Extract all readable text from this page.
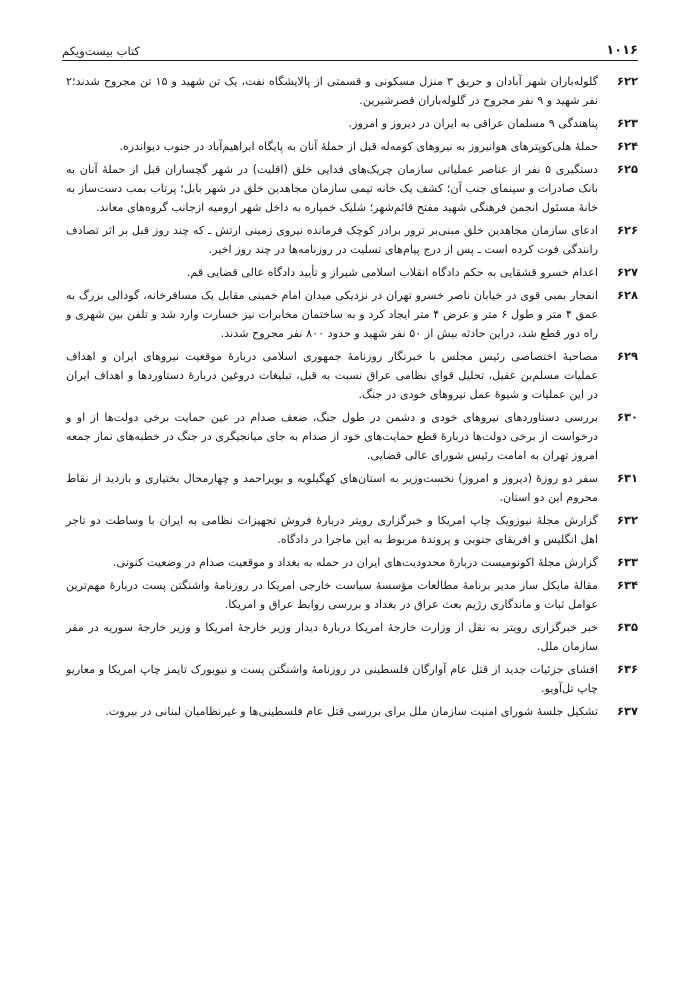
۱۰۱۶
کتاب بیست‌ویکم
۶۲۲
گلوله‌باران شهر آبادان و حریق ۳ منزل مسکونی و قسمتی از پالایشگاه نفت، یک تن شهید و ۱۵ تن مجروح شدند؛۲ نفر شهید و ۹ نفر مجروح در گلوله‌باران قصرشیرین.
۶۲۳
پناهندگی ۹ مسلمان عراقی به ایران در دیروز و امروز.
۶۲۴
حملهٔ هلی‌کوپترهای هوانیروز به نیروهای کومه‌له قبل از حملهٔ آنان به پایگاه ابراهیم‌آباد در جنوب دیواندره.
۶۲۵
دستگیری ۵ نفر از عناصر عملیاتی سازمان چریک‌های فدایی خلق (اقلیت) در شهر گچساران قبل از حملهٔ آنان به بانک صادرات و سینمای جنب آن؛ کشف یک خانه تیمی سازمان مجاهدین خلق در شهر بابل؛ پرتاب بمب دست‌ساز به خانهٔ مسئول انجمن فرهنگی شهید مفتح قائم‌شهر؛ شلیک خمپاره به داخل شهر ارومیه ازجانب گروه‌های معاند.
۶۲۶
ادعای سازمان مجاهدین خلق مبنی‌بر ترور برادر کوچک فرمانده نیروی زمینی ارتش ـ که چند روز قبل بر اثر تصادف رانندگی فوت کرده است ـ پس از درج پیام‌های تسلیت در روزنامه‌ها در چند روز اخیر.
۶۲۷
اعدام خسرو قشقایی به حکم دادگاه انقلاب اسلامی شیراز و تأیید دادگاه عالی قضایی قم.
۶۲۸
انفجار بمبی قوی در خیابان ناصر خسرو تهران در نزدیکی میدان امام خمینی مقابل یک مسافرخانه، گودالی بزرگ به عمق ۴ متر و طول ۶ متر و عرض ۴ متر ایجاد کرد و به ساختمان مخابرات نیز خسارت وارد شد و تلفن بین شهری و راه دور قطع شد، دراین حادثه بیش از ۵۰ نفر شهید و حدود ۸۰۰ نفر مجروح شدند.
۶۲۹
مصاحبهٔ اختصاصی رئیس مجلس با خبرنگار روزنامهٔ جمهوری اسلامی دربارهٔ موقعیت نیروهای ایران و اهداف عملیات مسلم‌بن عقیل، تحلیل قوای نظامی عراق نسبت به قبل، تبلیغات دروغین دربارهٔ دستاوردها و اهداف ایران در این عملیات و شیوهٔ عمل نیروهای خودی در جنگ.
۶۳۰
بررسی دستاوردهای نیروهای خودی و دشمن در طول جنگ، ضعف صدام در عین حمایت برخی دولت‌ها از او و درخواست از برخی دولت‌ها دربارهٔ قطع حمایت‌های خود از صدام به جای میانجیگری در جنگ در خطبه‌های نماز جمعه امروز تهران به امامت رئیس شورای عالی قضایی.
۶۳۱
سفر دو روزهٔ (دیروز و امروز) نخست‌وزیر به استان‌های کهگیلویه و بویراحمد و چهارمحال بختیاری و بازدید از نقاط محروم این دو استان.
۶۳۲
گزارش مجلهٔ نیوزویک چاپ امریکا و خبرگزاری رویتر دربارهٔ فروش تجهیزات نظامی به ایران با وساطت دو تاجر اهل انگلیس و افریقای جنوبی و پروندهٔ مربوط به این ماجرا در دادگاه.
۶۳۳
گزارش مجلهٔ اکونومیست دربارهٔ محدودیت‌های ایران در حمله به بغداد و موقعیت صدام در وضعیت کنونی.
۶۳۴
مقالهٔ مایکل ساز مدیر برنامهٔ مطالعات مؤسسهٔ سیاست خارجی امریکا در روزنامهٔ واشنگتن پست دربارهٔ مهم‌ترین عوامل ثبات و ماندگاری رژیم بعث عراق در بغداد و بررسی روابط عراق و امریکا.
۶۳۵
خبر خبرگزاری رویتر به نقل از وزارت خارجهٔ امریکا دربارهٔ دیدار وزیر خارجهٔ امریکا و وزیر خارجهٔ سوریه در مقر سازمان ملل.
۶۳۶
افشای جزئیات جدید از قتل عام آوارگان فلسطینی در روزنامهٔ واشنگتن پست و نیویورک تایمز چاپ امریکا و معاریو چاپ تل‌آویو.
۶۳۷
تشکیل جلسهٔ شورای امنیت سازمان ملل برای بررسی قتل عام فلسطینی‌ها و غیرنظامیان لبنانی در بیروت.
